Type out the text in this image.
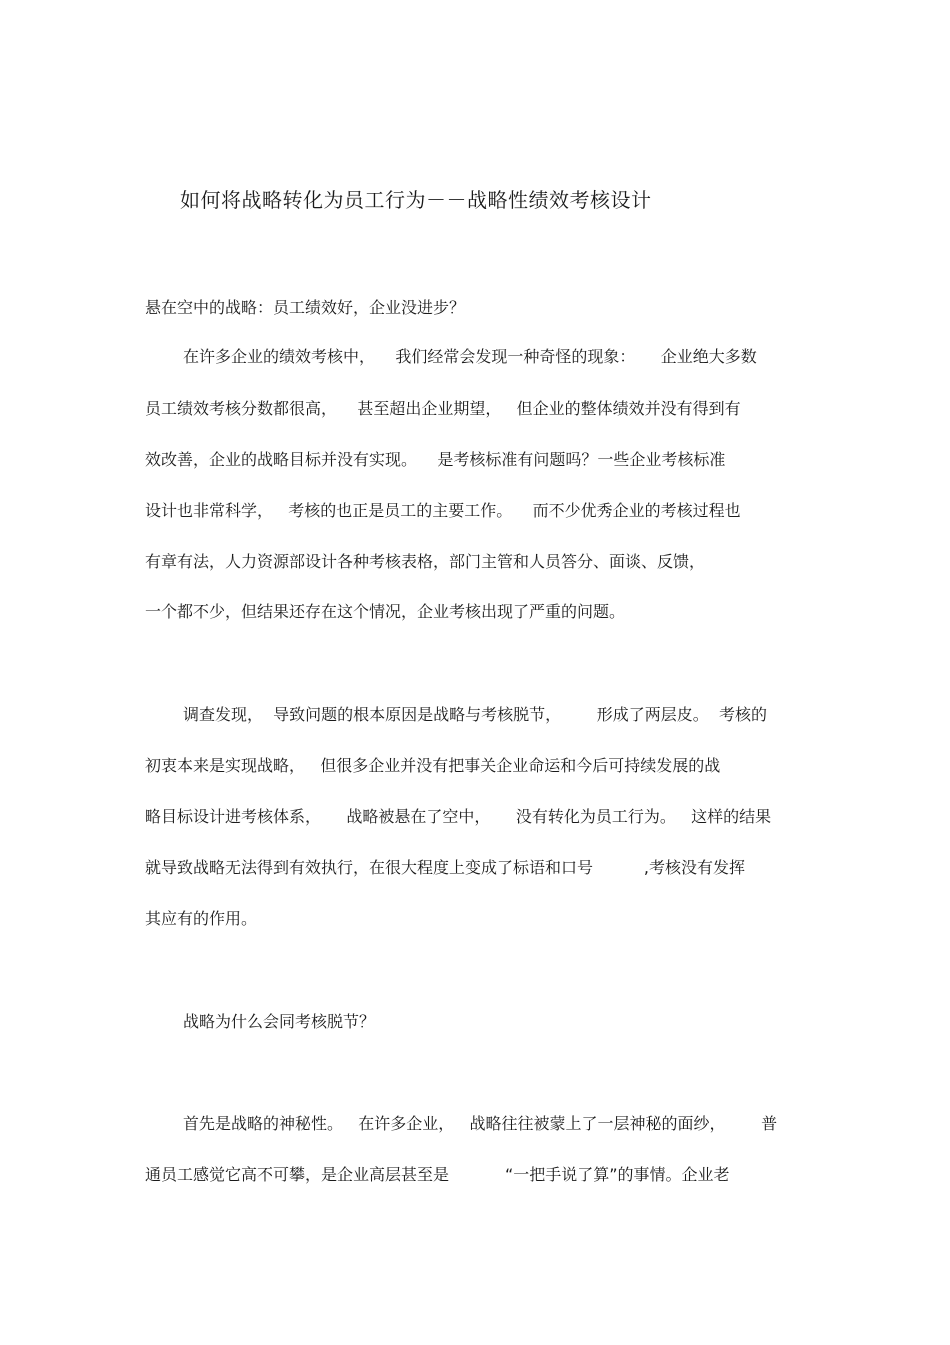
如何将战略转化为员工行为－－战略性绩效考核设计
悬在空中的战略：员工绩效好，企业没进步？
在许多企业的绩效考核中，    我们经常会发现一种奇怪的现象：     企业绝大多数
员工绩效考核分数都很高，    甚至超出企业期望，   但企业的整体绩效并没有得到有
效改善，企业的战略目标并没有实现。    是考核标准有问题吗？一些企业考核标准
设计也非常科学，   考核的也正是员工的主要工作。    而不少优秀企业的考核过程也
有章有法，人力资源部设计各种考核表格，部门主管和人员答分、面谈、反馈，
一个都不少，但结果还存在这个情况，企业考核出现了严重的问题。
调查发现，  导致问题的根本原因是战略与考核脱节，       形成了两层皮。  考核的
初衷本来是实现战略，   但很多企业并没有把事关企业命运和今后可持续发展的战
略目标设计进考核体系，     战略被悬在了空中，     没有转化为员工行为。   这样的结果
就导致战略无法得到有效执行，在很大程度上变成了标语和口号          ,考核没有发挥
其应有的作用。
战略为什么会同考核脱节？
首先是战略的神秘性。   在许多企业，   战略往往被蒙上了一层神秘的面纱，       普
通员工感觉它高不可攀，是企业高层甚至是           “一把手说了算”的事情。企业老
